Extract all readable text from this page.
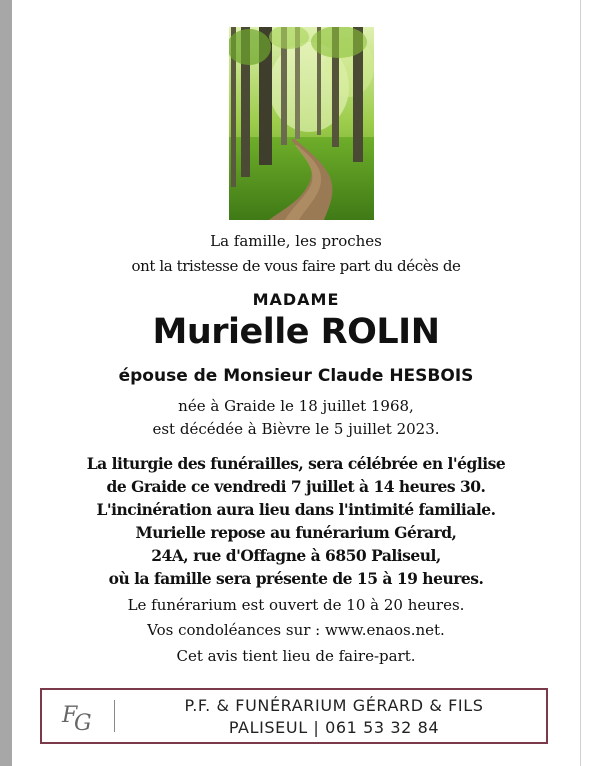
La famille, les proches
ont la tristesse de vous faire part du décès de
MADAME
Murielle ROLIN
épouse de Monsieur Claude HESBOIS
née à Graide le 18 juillet 1968,
est décédée à Bièvre le 5 juillet 2023.
La liturgie des funérailles, sera célébrée en l'église
de Graide ce vendredi 7 juillet à 14 heures 30.
L'incinération aura lieu dans l'intimité familiale.
Murielle repose au funérarium Gérard,
24A, rue d'Offagne à 6850 Paliseul,
où la famille sera présente de 15 à 19 heures.
Le funérarium est ouvert de 10 à 20 heures.
Vos condoléances sur : www.enaos.net.
Cet avis tient lieu de faire-part.
F
G
P.F. & FUNÉRARIUM GÉRARD & FILS
PALISEUL | 061 53 32 84
